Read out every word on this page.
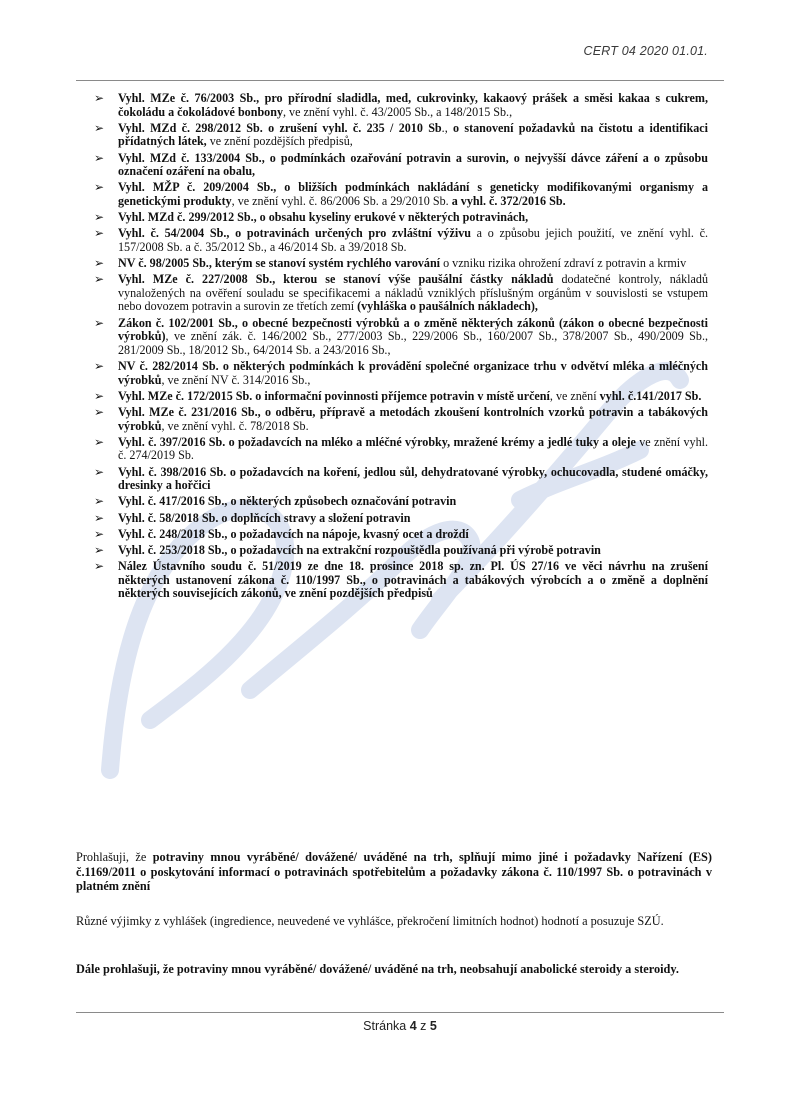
CERT 04 2020 01.01.
➢ Vyhl. MZe č. 76/2003 Sb., pro přírodní sladidla, med, cukrovinky, kakaový prášek a směsi kakaa s cukrem, čokoládu a čokoládové bonbony, ve znění vyhl. č. 43/2005 Sb., a 148/2015 Sb.,
➢ Vyhl. MZd č. 298/2012 Sb. o zrušení vyhl. č. 235 / 2010 Sb., o stanovení požadavků na čistotu a identifikaci přídatných látek, ve znění pozdějších předpisů,
➢ Vyhl. MZd č. 133/2004 Sb., o podmínkách ozařování potravin a surovin, o nejvyšší dávce záření a o způsobu označení ozáření na obalu,
➢ Vyhl. MŽP č. 209/2004 Sb., o bližších podmínkách nakládání s geneticky modifikovanými organismy a genetickými produkty, ve znění vyhl. č. 86/2006 Sb. a 29/2010 Sb. a vyhl. č. 372/2016 Sb.
➢ Vyhl. MZd č. 299/2012 Sb., o obsahu kyseliny erukové v některých potravinách,
➢ Vyhl. č. 54/2004 Sb., o potravinách určených pro zvláštní výživu a o způsobu jejich použití, ve znění vyhl. č. 157/2008 Sb. a č. 35/2012 Sb., a 46/2014 Sb. a 39/2018 Sb.
➢ NV č. 98/2005 Sb., kterým se stanoví systém rychlého varování o vzniku rizika ohrožení zdraví z potravin a krmiv
➢ Vyhl. MZe č. 227/2008 Sb., kterou se stanoví výše paušální částky nákladů dodatečné kontroly, nákladů vynaložených na ověření souladu se specifikacemi a nákladů vzniklých příslušným orgánům v souvislosti se vstupem nebo dovozem potravin a surovin ze třetích zemí (vyhláška o paušálních nákladech),
➢ Zákon č. 102/2001 Sb., o obecné bezpečnosti výrobků a o změně některých zákonů (zákon o obecné bezpečnosti výrobků), ve znění zák. č. 146/2002 Sb., 277/2003 Sb., 229/2006 Sb., 160/2007 Sb., 378/2007 Sb., 490/2009 Sb., 281/2009 Sb., 18/2012 Sb., 64/2014 Sb. a 243/2016 Sb.,
➢ NV č. 282/2014 Sb. o některých podmínkách k provádění společné organizace trhu v odvětví mléka a mléčných výrobků, ve znění NV č. 314/2016 Sb.,
➢ Vyhl. MZe č. 172/2015 Sb. o informační povinnosti příjemce potravin v místě určení, ve znění vyhl. č.141/2017 Sb.
➢ Vyhl. MZe č. 231/2016 Sb., o odběru, přípravě a metodách zkoušení kontrolních vzorků potravin a tabákových výrobků, ve znění vyhl. č. 78/2018 Sb.
➢ Vyhl. č. 397/2016 Sb. o požadavcích na mléko a mléčné výrobky, mražené krémy a jedlé tuky a oleje ve znění vyhl. č. 274/2019 Sb.
➢ Vyhl. č. 398/2016 Sb. o požadavcích na koření, jedlou sůl, dehydratované výrobky, ochucovadla, studené omáčky, dresinky a hořčici
➢ Vyhl. č. 417/2016 Sb., o některých způsobech označování potravin
➢ Vyhl. č. 58/2018 Sb. o doplňcích stravy a složení potravin
➢ Vyhl. č. 248/2018 Sb., o požadavcích na nápoje, kvasný ocet a droždí
➢ Vyhl. č. 253/2018 Sb., o požadavcích na extrakční rozpouštědla používaná při výrobě potravin
➢ Nález Ústavního soudu č. 51/2019 ze dne 18. prosince 2018 sp. zn. Pl. ÚS 27/16 ve věci návrhu na zrušení některých ustanovení zákona č. 110/1997 Sb., o potravinách a tabákových výrobcích a o změně a doplnění některých souvisejících zákonů, ve znění pozdějších předpisů

Prohlašuji, že potraviny mnou vyráběné/ dovážené/ uváděné na trh, splňují mimo jiné i požadavky Nařízení (ES) č.1169/2011 o poskytování informací o potravinách spotřebitelům a požadavky zákona č. 110/1997 Sb. o potravinách v platném znění

Různé výjimky z vyhlášek (ingredience, neuvedené ve vyhlášce, překročení limitních hodnot) hodnotí a posuzuje SZÚ.

Dále prohlašuji, že potraviny mnou vyráběné/ dovážené/ uváděné na trh, neobsahují anabolické steroidy a steroidy.

Stránka 4 z 5
